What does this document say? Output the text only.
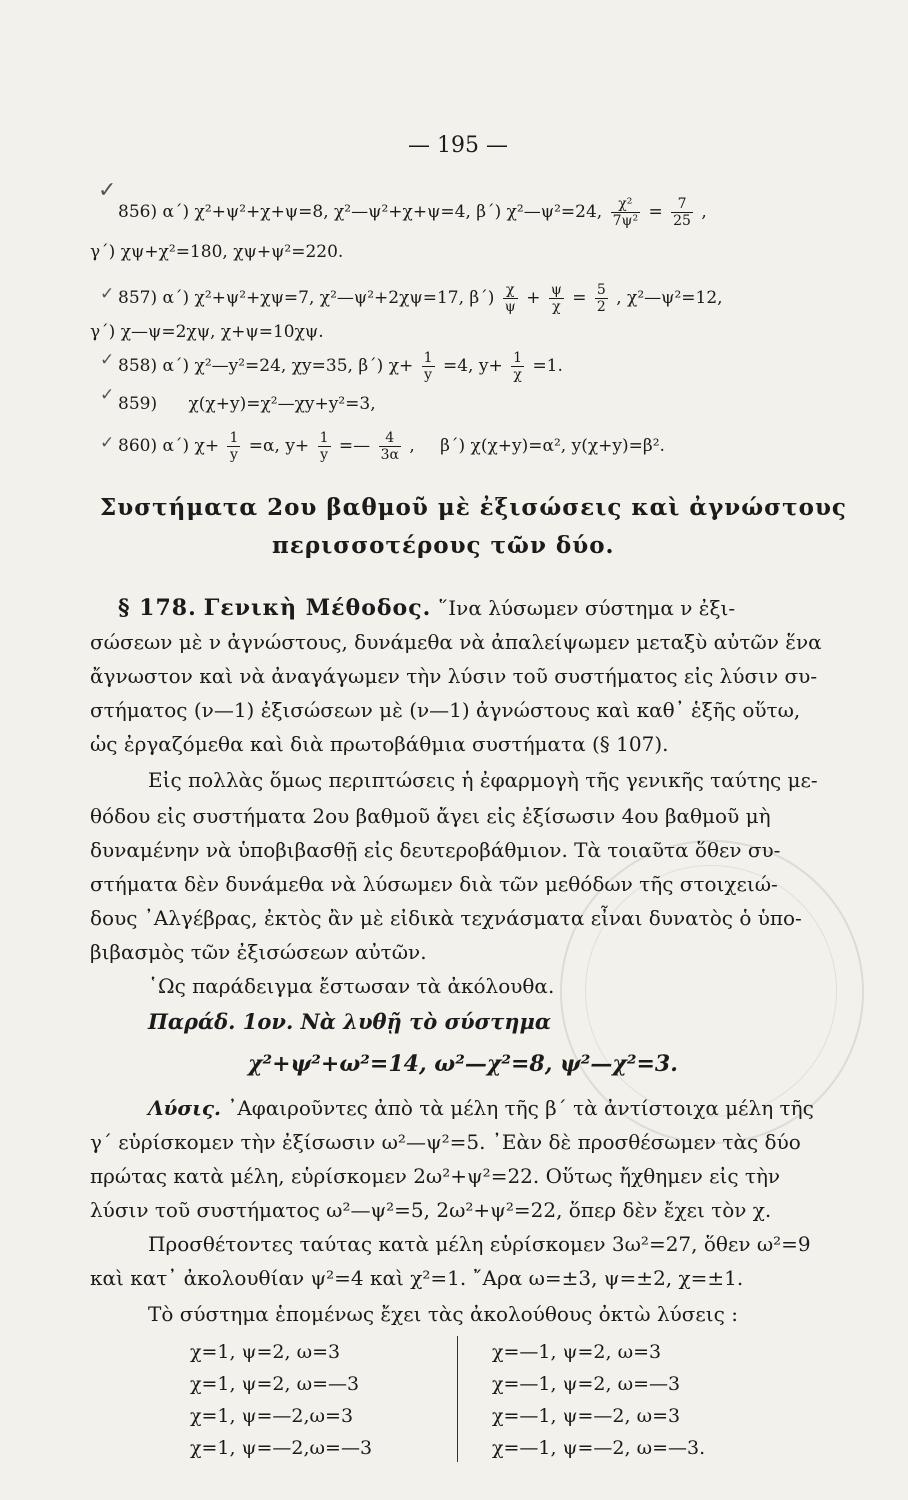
— 195 —
✓
✓
✓
✓
✓
856) α΄) χ²+ψ²+χ+ψ=8, χ²—ψ²+χ+ψ=4, β΄) χ²—ψ²=24, $\frac{\text{χ²}}{\text{7ψ²}} = \frac{7}{25}$ ,
γ΄) χψ+χ²=180, χψ+ψ²=220.
857) α΄) χ²+ψ²+χψ=7, χ²—ψ²+2χψ=17, $\beta΄) \frac{\chi}{\psi} + \frac{\psi}{\chi} = \frac{5}{2}$ , χ²—ψ²=12,
γ΄) χ—ψ=2χψ, χ+ψ=10χψ.
858) α΄) χ²—y²=24, χy=35, β΄) $\chi+ \frac{1}{y} =4$, $y+ \frac{1}{\chi} =1$.
859) χ(χ+y)=χ²—χy+y²=3,
860) α΄) $\chi+ \frac{1}{y} =\alpha$, $y+ \frac{1}{y}$ =— $\frac{4}{3\alpha}$ , β΄) χ(χ+y)=α², y(χ+y)=β².
Συστήματα 2ου βαθμοῦ μὲ ἐξισώσεις καὶ ἀγνώστους
περισσοτέρους τῶν δύο.
§ 178. Γενικὴ Μέθοδος. ῞Ινα λύσωμεν σύστημα ν ἐξι-
σώσεων μὲ ν ἀγνώστους, δυνάμεθα νὰ ἀπαλείψωμεν μεταξὺ αὐτῶν ἕνα
ἄγνωστον καὶ νὰ ἀναγάγωμεν τὴν λύσιν τοῦ συστήματος εἰς λύσιν συ-
στήματος (ν—1) ἐξισώσεων μὲ (ν—1) ἀγνώστους καὶ καθ᾿ ἑξῆς οὕτω,
ὡς ἐργαζόμεθα καὶ διὰ πρωτοβάθμια συστήματα (§ 107).
Εἰς πολλὰς ὅμως περιπτώσεις ἡ ἐφαρμογὴ τῆς γενικῆς ταύτης με-
θόδου εἰς συστήματα 2ου βαθμοῦ ἄγει εἰς ἐξίσωσιν 4ου βαθμοῦ μὴ
δυναμένην νὰ ὑποβιβασθῇ εἰς δευτεροβάθμιον. Τὰ τοιαῦτα ὅθεν συ-
στήματα δὲν δυνάμεθα νὰ λύσωμεν διὰ τῶν μεθόδων τῆς στοιχειώ-
δους ᾿Αλγέβρας, ἐκτὸς ἂν μὲ εἰδικὰ τεχνάσματα εἶναι δυνατὸς ὁ ὑπο-
βιβασμὸς τῶν ἐξισώσεων αὐτῶν.
῾Ως παράδειγμα ἔστωσαν τὰ ἀκόλουθα.
Παράδ. 1ον. Νὰ λυθῇ τὸ σύστημα
χ²+ψ²+ω²=14, ω²—χ²=8, ψ²—χ²=3.
Λύσις. ᾿Αφαιροῦντες ἀπὸ τὰ μέλη τῆς β΄ τὰ ἀντίστοιχα μέλη τῆς
γ΄ εὑρίσκομεν τὴν ἐξίσωσιν ω²—ψ²=5. ᾿Εὰν δὲ προσθέσωμεν τὰς δύο
πρώτας κατὰ μέλη, εὑρίσκομεν 2ω²+ψ²=22. Οὕτως ἤχθημεν εἰς τὴν
λύσιν τοῦ συστήματος ω²—ψ²=5, 2ω²+ψ²=22, ὅπερ δὲν ἔχει τὸν χ.
Προσθέτοντες ταύτας κατὰ μέλη εὑρίσκομεν 3ω²=27, ὅθεν ω²=9
καὶ κατ᾿ ἀκολουθίαν ψ²=4 καὶ χ²=1. ῎Αρα ω=±3, ψ=±2, χ=±1.
Τὸ σύστημα ἑπομένως ἔχει τὰς ἀκολούθους ὀκτὼ λύσεις :
χ=1, ψ=2, ω=3
χ=1, ψ=2, ω=—3
χ=1, ψ=—2,ω=3
χ=1, ψ=—2,ω=—3
χ=—1, ψ=2, ω=3
χ=—1, ψ=2, ω=—3
χ=—1, ψ=—2, ω=3
χ=—1, ψ=—2, ω=—3.
